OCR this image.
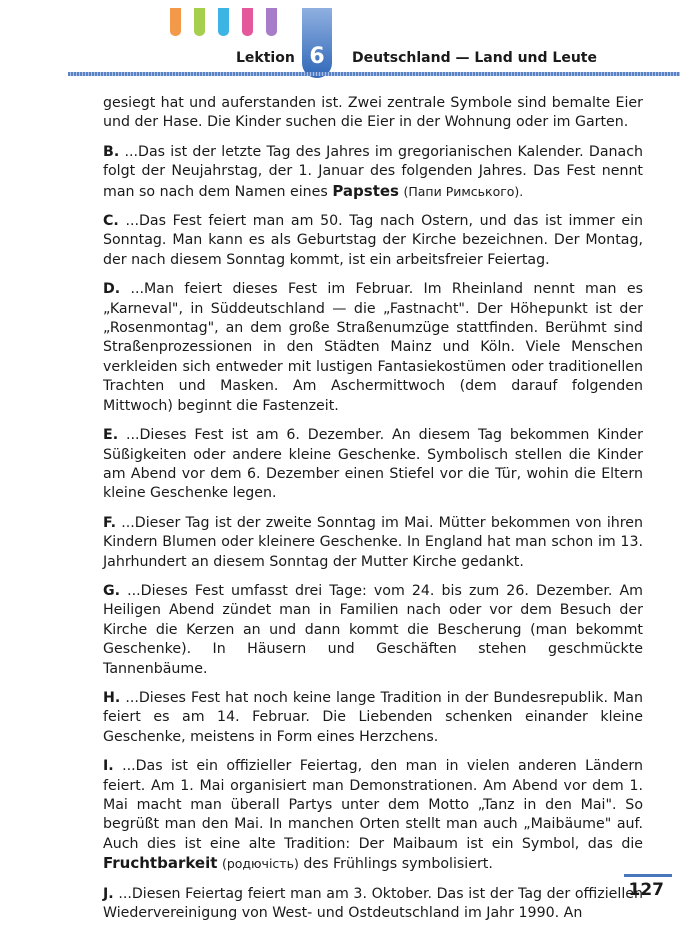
Lektion 6	Deutschland — Land und Leute

gesiegt hat und auferstanden ist. Zwei zentrale Symbole sind bemalte Eier und der Hase. Die Kinder suchen die Eier in der Wohnung oder im Garten.

B. ...Das ist der letzte Tag des Jahres im gregorianischen Kalender. Danach folgt der Neujahrstag, der 1. Januar des folgenden Jahres. Das Fest nennt man so nach dem Namen eines Papstes (Папи Римського).

C. ...Das Fest feiert man am 50. Tag nach Ostern, und das ist immer ein Sonntag. Man kann es als Geburtstag der Kirche bezeichnen. Der Montag, der nach diesem Sonntag kommt, ist ein arbeitsfreier Feiertag.

D. ...Man feiert dieses Fest im Februar. Im Rheinland nennt man es „Karneval", in Süddeutschland — die „Fastnacht". Der Höhepunkt ist der „Rosenmontag", an dem große Straßenumzüge stattfinden. Berühmt sind Straßenprozessionen in den Städten Mainz und Köln. Viele Menschen verkleiden sich entweder mit lustigen Fantasiekostümen oder traditionellen Trachten und Masken. Am Aschermittwoch (dem darauf folgenden Mittwoch) beginnt die Fastenzeit.

E. ...Dieses Fest ist am 6. Dezember. An diesem Tag bekommen Kinder Süßigkeiten oder andere kleine Geschenke. Symbolisch stellen die Kinder am Abend vor dem 6. Dezember einen Stiefel vor die Tür, wohin die Eltern kleine Geschenke legen.

F. ...Dieser Tag ist der zweite Sonntag im Mai. Mütter bekommen von ihren Kindern Blumen oder kleinere Geschenke. In England hat man schon im 13. Jahrhundert an diesem Sonntag der Mutter Kirche gedankt.

G. ...Dieses Fest umfasst drei Tage: vom 24. bis zum 26. Dezember. Am Heiligen Abend zündet man in Familien nach oder vor dem Besuch der Kirche die Kerzen an und dann kommt die Bescherung (man bekommt Geschenke). In Häusern und Geschäften stehen geschmückte Tannenbäume.

H. ...Dieses Fest hat noch keine lange Tradition in der Bundesrepublik. Man feiert es am 14. Februar. Die Liebenden schenken einander kleine Geschenke, meistens in Form eines Herzchens.

I. ...Das ist ein offizieller Feiertag, den man in vielen anderen Ländern feiert. Am 1. Mai organisiert man Demonstrationen. Am Abend vor dem 1. Mai macht man überall Partys unter dem Motto „Tanz in den Mai". So begrüßt man den Mai. In manchen Orten stellt man auch „Maibäume" auf. Auch dies ist eine alte Tradition: Der Maibaum ist ein Symbol, das die Fruchtbarkeit (родючість) des Frühlings symbolisiert.

J. ...Diesen Feiertag feiert man am 3. Oktober. Das ist der Tag der offiziellen Wiedervereinigung von West- und Ostdeutschland im Jahr 1990. An

127
